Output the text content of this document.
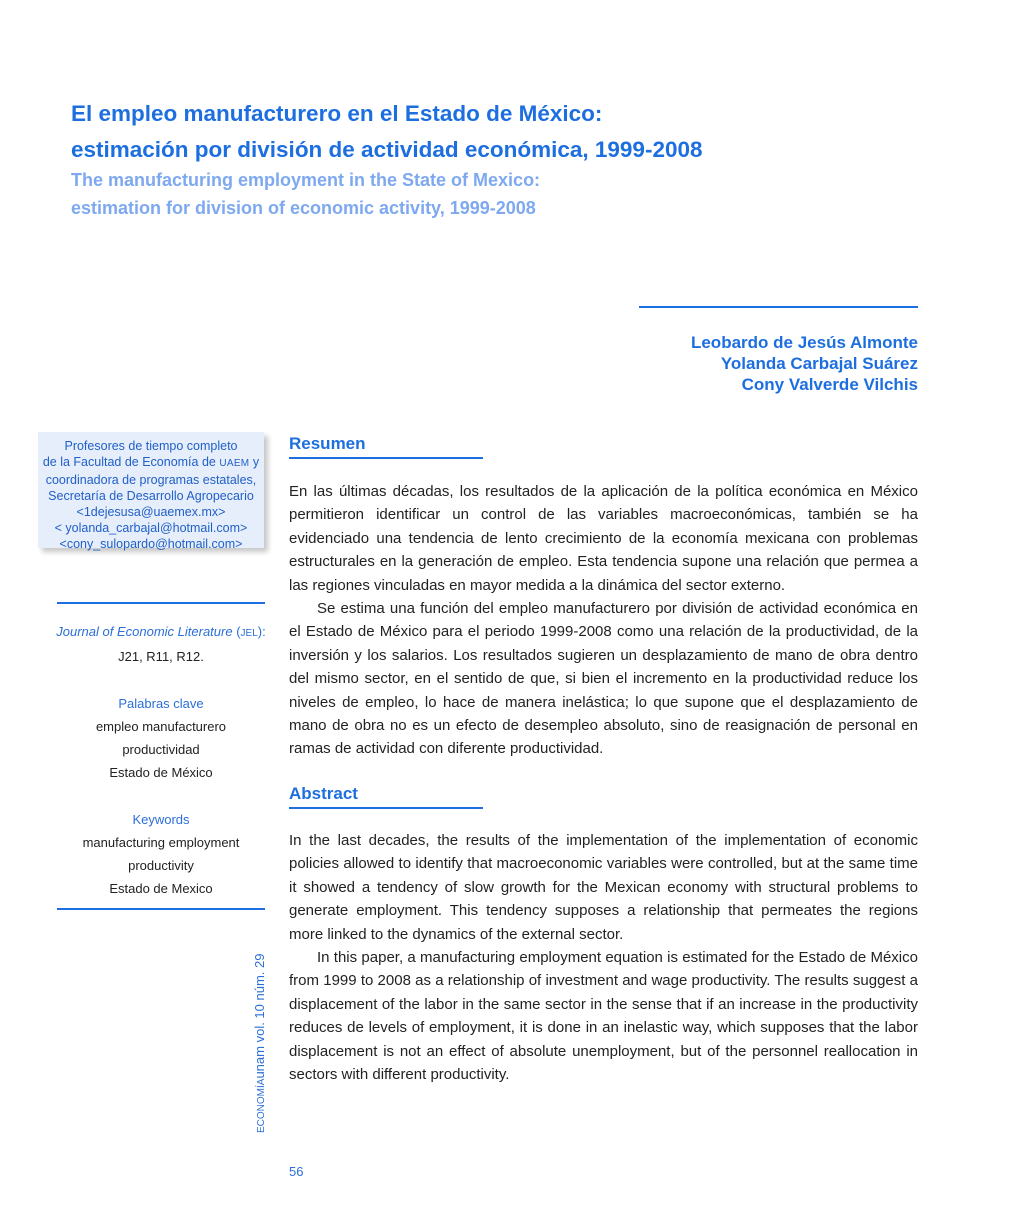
El empleo manufacturero en el Estado de México:
estimación por división de actividad económica, 1999-2008
The manufacturing employment in the State of Mexico:
estimation for division of economic activity, 1999-2008
Leobardo de Jesús Almonte
Yolanda Carbajal Suárez
Cony Valverde Vilchis
Profesores de tiempo completo
de la Facultad de Economía de UAEM y
coordinadora de programas estatales,
Secretaría de Desarrollo Agropecario
<1dejesusa@uaemex.mx>
< yolanda_carbajal@hotmail.com>
<cony_sulopardo@hotmail.com>
Journal of Economic Literature (JEL):
J21, R11, R12.
Palabras clave
empleo manufacturero
productividad
Estado de México
Keywords
manufacturing employment
productivity
Estado de Mexico
Resumen

En las últimas décadas, los resultados de la aplicación de la política económica en México permitieron identificar un control de las variables macroeconómicas, también se ha evidenciado una tendencia de lento crecimiento de la economía mexicana con problemas estructurales en la generación de empleo. Esta tendencia supone una relación que permea a las regiones vinculadas en mayor medida a la dinámica del sector externo.

Se estima una función del empleo manufacturero por división de actividad económica en el Estado de México para el periodo 1999-2008 como una relación de la productividad, de la inversión y los salarios. Los resultados sugieren un desplazamiento de mano de obra dentro del mismo sector, en el sentido de que, si bien el incremento en la productividad reduce los niveles de empleo, lo hace de manera inelástica; lo que supone que el desplazamiento de mano de obra no es un efecto de desempleo absoluto, sino de reasignación de personal en ramas de actividad con diferente productividad.

Abstract

In the last decades, the results of the implementation of the implementation of economic policies allowed to identify that macroeconomic variables were controlled, but at the same time it showed a tendency of slow growth for the Mexican economy with structural problems to generate employment. This tendency supposes a relationship that permeates the regions more linked to the dynamics of the external sector.

In this paper, a manufacturing employment equation is estimated for the Estado de México from 1999 to 2008 as a relationship of investment and wage productivity. The results suggest a displacement of the labor in the same sector in the sense that if an increase in the productivity reduces de levels of employment, it is done in an inelastic way, which supposes that the labor displacement is not an effect of absolute unemployment, but of the personnel reallocation in sectors with different productivity.

ECONOMÍAunam vol. 10 núm. 29
56
